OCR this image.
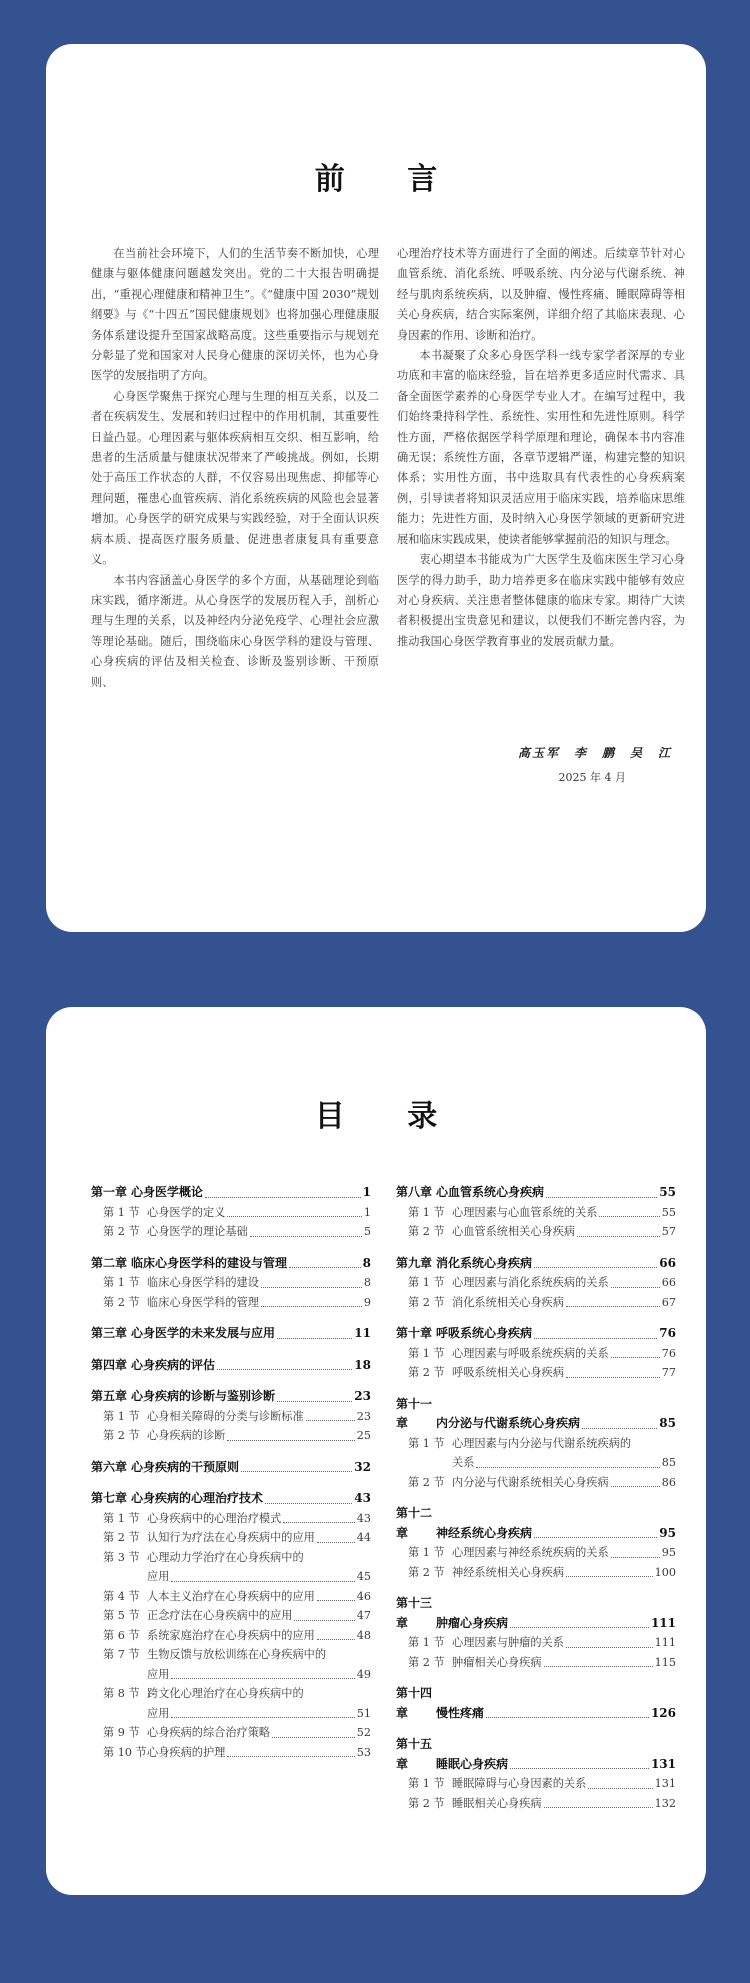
前 言

在当前社会环境下，人们的生活节奏不断加快，心理健康与躯体健康问题越发突出。党的二十大报告明确提出，“重视心理健康和精神卫生”。《“健康中国 2030”规划纲要》与《“十四五”国民健康规划》也将加强心理健康服务体系建设提升至国家战略高度。这些重要指示与规划充分彰显了党和国家对人民身心健康的深切关怀，也为心身医学的发展指明了方向。

心身医学聚焦于探究心理与生理的相互关系，以及二者在疾病发生、发展和转归过程中的作用机制，其重要性日益凸显。心理因素与躯体疾病相互交织、相互影响，给患者的生活质量与健康状况带来了严峻挑战。例如，长期处于高压工作状态的人群，不仅容易出现焦虑、抑郁等心理问题，罹患心血管疾病、消化系统疾病的风险也会显著增加。心身医学的研究成果与实践经验，对于全面认识疾病本质、提高医疗服务质量、促进患者康复具有重要意义。

本书内容涵盖心身医学的多个方面，从基础理论到临床实践，循序渐进。从心身医学的发展历程入手，剖析心理与生理的关系，以及神经内分泌免疫学、心理社会应激等理论基础。随后，围绕临床心身医学科的建设与管理、心身疾病的评估及相关检查、诊断及鉴别诊断、干预原则、

心理治疗技术等方面进行了全面的阐述。后续章节针对心血管系统、消化系统、呼吸系统、内分泌与代谢系统、神经与肌肉系统疾病，以及肿瘤、慢性疼痛、睡眠障碍等相关心身疾病，结合实际案例，详细介绍了其临床表现、心身因素的作用、诊断和治疗。

本书凝聚了众多心身医学科一线专家学者深厚的专业功底和丰富的临床经验，旨在培养更多适应时代需求、具备全面医学素养的心身医学专业人才。在编写过程中，我们始终秉持科学性、系统性、实用性和先进性原则。科学性方面，严格依据医学科学原理和理论，确保本书内容准确无误；系统性方面，各章节逻辑严谨，构建完整的知识体系；实用性方面，书中选取具有代表性的心身疾病案例，引导读者将知识灵活应用于临床实践，培养临床思维能力；先进性方面，及时纳入心身医学领域的更新研究进展和临床实践成果，使读者能够掌握前沿的知识与理念。

衷心期望本书能成为广大医学生及临床医生学习心身医学的得力助手，助力培养更多在临床实践中能够有效应对心身疾病、关注患者整体健康的临床专家。期待广大读者积极提出宝贵意见和建议，以便我们不断完善内容，为推动我国心身医学教育事业的发展贡献力量。

高玉军　李　鹏　吴　江
2025 年 4 月
目 录
第一章 心身医学概论	1
第 1 节 心身医学的定义	1
第 2 节 心身医学的理论基础	5
第二章 临床心身医学科的建设与管理	8
第 1 节 临床心身医学科的建设	8
第 2 节 临床心身医学科的管理	9
第三章 心身医学的未来发展与应用	11
第四章 心身疾病的评估	18
第五章 心身疾病的诊断与鉴别诊断	23
第 1 节 心身相关障碍的分类与诊断标准	23
第 2 节 心身疾病的诊断	25
第六章 心身疾病的干预原则	32
第七章 心身疾病的心理治疗技术	43
第 1 节 心身疾病中的心理治疗模式	43
第 2 节 认知行为疗法在心身疾病中的应用	44
第 3 节 心理动力学治疗在心身疾病中的
应用	45
第 4 节 人本主义治疗在心身疾病中的应用	46
第 5 节 正念疗法在心身疾病中的应用	47
第 6 节 系统家庭治疗在心身疾病中的应用	48
第 7 节 生物反馈与放松训练在心身疾病中的
应用	49
第 8 节 跨文化心理治疗在心身疾病中的
应用	51
第 9 节 心身疾病的综合治疗策略	52
第 10 节 心身疾病的护理	53
第八章 心血管系统心身疾病	55
第 1 节 心理因素与心血管系统的关系	55
第 2 节 心血管系统相关心身疾病	57
第九章 消化系统心身疾病	66
第 1 节 心理因素与消化系统疾病的关系	66
第 2 节 消化系统相关心身疾病	67
第十章 呼吸系统心身疾病	76
第 1 节 心理因素与呼吸系统疾病的关系	76
第 2 节 呼吸系统相关心身疾病	77
第十一章	内分泌与代谢系统心身疾病	85
第 1 节 心理因素与内分泌与代谢系统疾病的
关系	85
第 2 节 内分泌与代谢系统相关心身疾病	86
第十二章	神经系统心身疾病	95
第 1 节 心理因素与神经系统疾病的关系	95
第 2 节 神经系统相关心身疾病	100
第十三章	肿瘤心身疾病	111
第 1 节 心理因素与肿瘤的关系	111
第 2 节 肿瘤相关心身疾病	115
第十四章	慢性疼痛	126
第十五章	睡眠心身疾病	131
第 1 节 睡眠障碍与心身因素的关系	131
第 2 节 睡眠相关心身疾病	132
